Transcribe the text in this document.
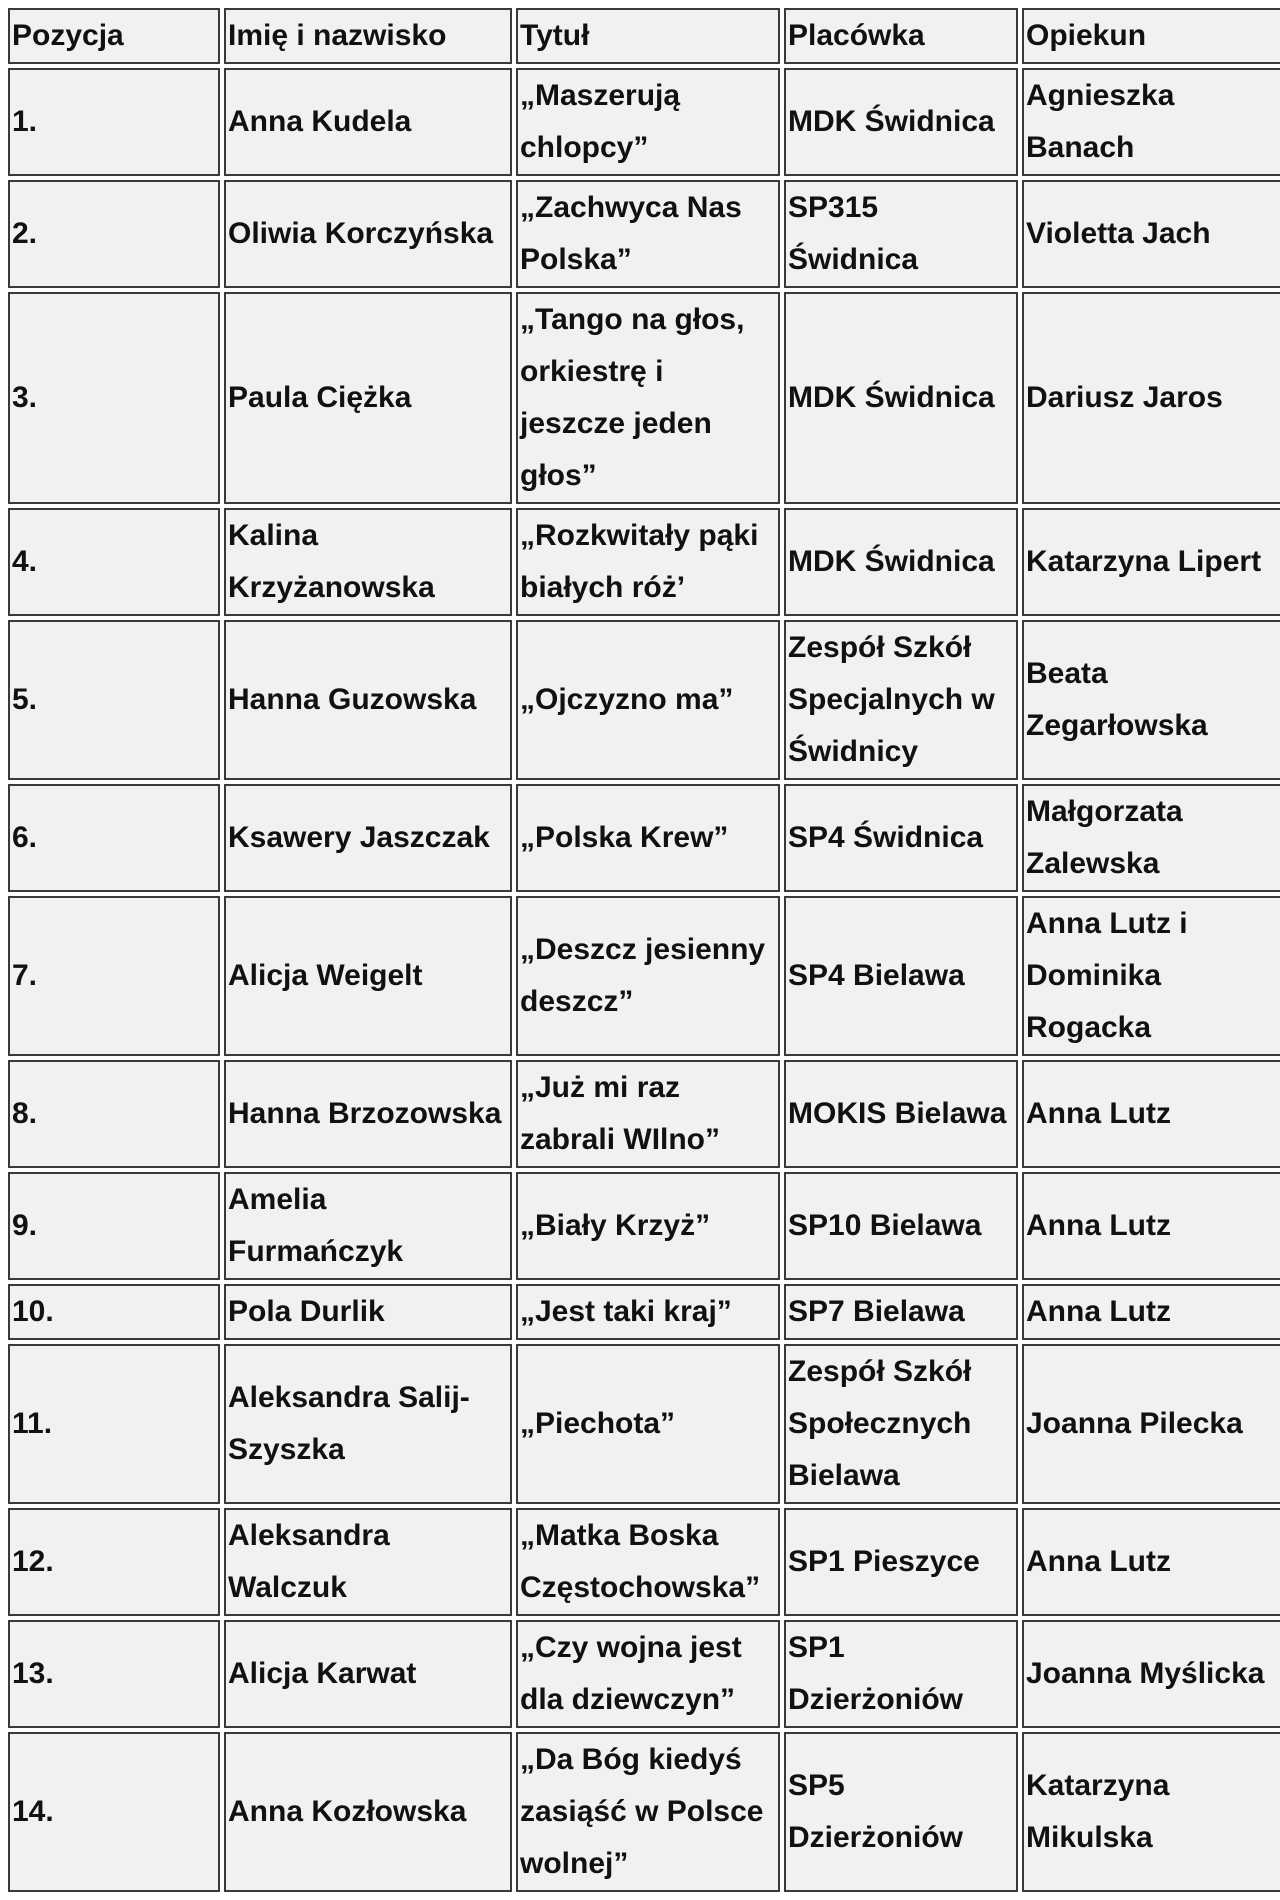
Pozycja	Imię i nazwisko	Tytuł	Placówka	Opiekun	
1.	Anna Kudela	„Maszerują chlopcy”	MDK Świdnica	Agnieszka Banach	
2.	Oliwia Korczyńska	„Zachwyca Nas Polska”	SP315 Świdnica	Violetta Jach	
3.	Paula Ciężka	„Tango na głos, orkiestrę i jeszcze jeden głos”	MDK Świdnica	Dariusz Jaros	
4.	Kalina Krzyżanowska	„Rozkwitały pąki białych róż’	MDK Świdnica	Katarzyna Lipert	
5.	Hanna Guzowska	„Ojczyzno ma”	Zespół Szkół Specjalnych w Świdnicy	Beata Zegarłowska	
6.	Ksawery Jaszczak	„Polska Krew”	SP4 Świdnica	Małgorzata Zalewska	
7.	Alicja Weigelt	„Deszcz jesienny deszcz”	SP4 Bielawa	Anna Lutz i Dominika Rogacka	
8.	Hanna Brzozowska	„Już mi raz zabrali WIlno”	MOKIS Bielawa	Anna Lutz	
9.	Amelia Furmańczyk	„Biały Krzyż”	SP10 Bielawa	Anna Lutz	
10.	Pola Durlik	„Jest taki kraj”	SP7 Bielawa	Anna Lutz	
11.	Aleksandra Salij-Szyszka	„Piechota”	Zespół Szkół Społecznych Bielawa	Joanna Pilecka	
12.	Aleksandra Walczuk	„Matka Boska Częstochowska”	SP1 Pieszyce	Anna Lutz	
13.	Alicja Karwat	„Czy wojna jest dla dziewczyn”	SP1 Dzierżoniów	Joanna Myślicka	
14.	Anna Kozłowska	„Da Bóg kiedyś zasiąść w Polsce wolnej”	SP5 Dzierżoniów	Katarzyna Mikulska	
